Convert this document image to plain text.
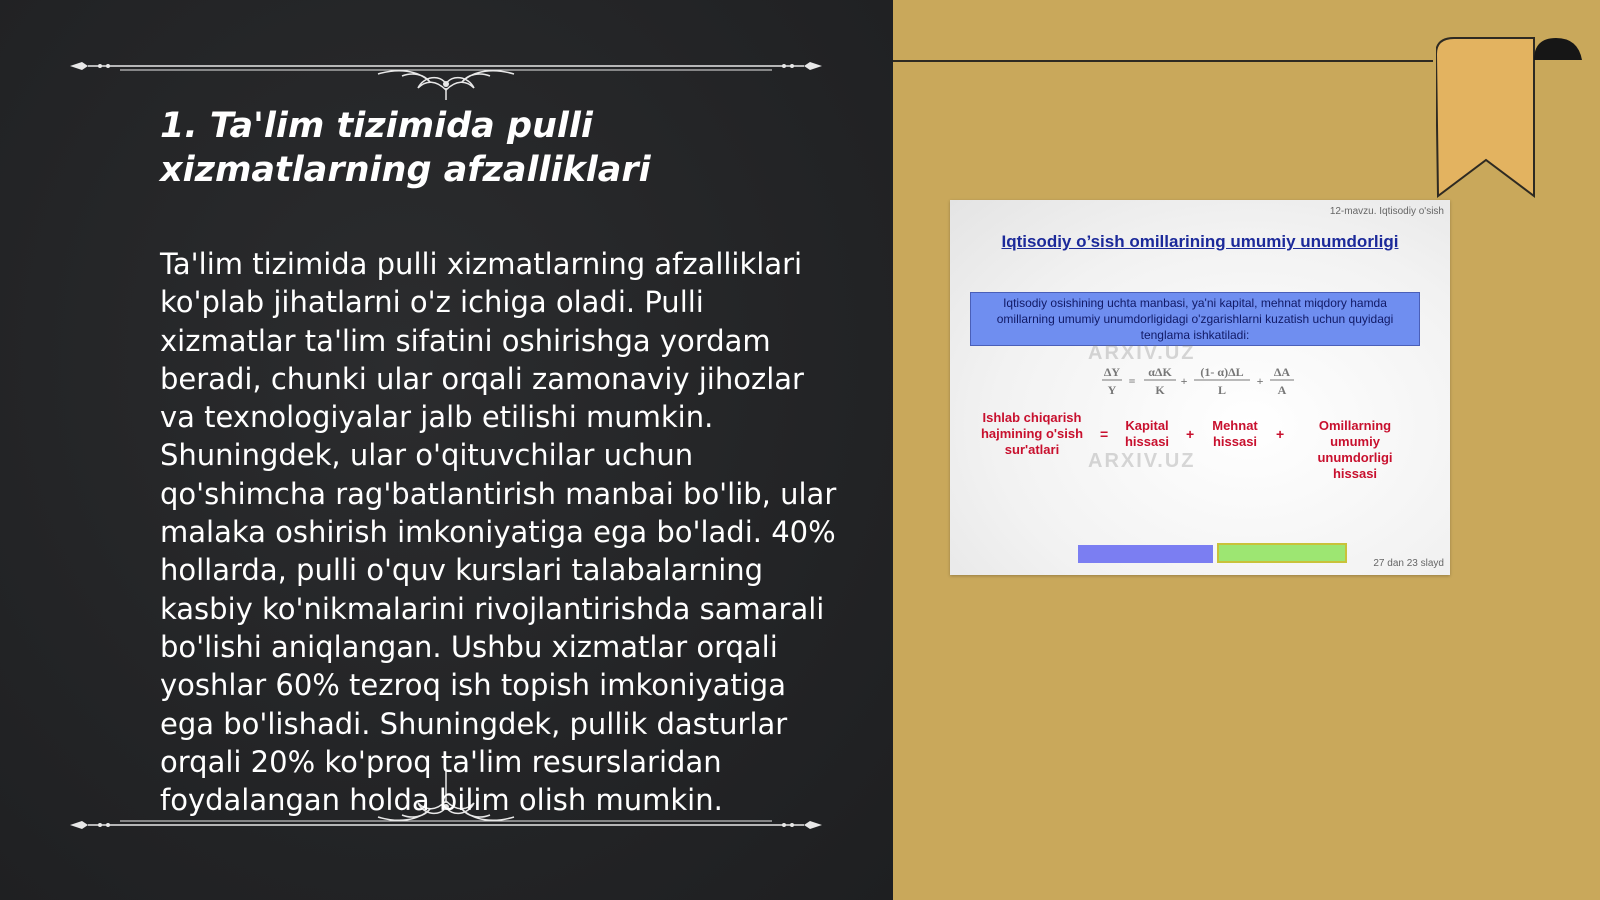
1. Ta'lim tizimida pulli xizmatlarning afzalliklari

Ta'lim tizimida pulli xizmatlarning afzalliklari ko'plab jihatlarni o'z ichiga oladi. Pulli xizmatlar ta'lim sifatini oshirishga yordam beradi, chunki ular orqali zamonaviy jihozlar va texnologiyalar jalb etilishi mumkin. Shuningdek, ular o'qituvchilar uchun qo'shimcha rag'batlantirish manbai bo'lib, ular malaka oshirish imkoniyatiga ega bo'ladi. 40% hollarda, pulli o'quv kurslari talabalarning kasbiy ko'nikmalarini rivojlantirishda samarali bo'lishi aniqlangan. Ushbu xizmatlar orqali yoshlar 60% tezroq ish topish imkoniyatiga ega bo'lishadi. Shuningdek, pullik dasturlar orqali 20% ko'proq ta'lim resurslaridan foydalangan holda bilim olish mumkin.

12-mavzu. Iqtisodiy o'sish
Iqtisodiy o’sish omillarining umumiy unumdorligi
Iqtisodiy osishining uchta manbasi, ya'ni kapital, mehnat miqdory hamda omillarning umumiy unumdorligidagi o'zgarishlarni kuzatish uchun quyidagi tenglama ishkatiladi:
ARXIV.UZ
ARXIV.UZ
ΔY
Y
=
αΔK
K
+
(1- α)ΔL
L
+
ΔA
A
Ishlab chiqarish hajmining o'sish sur'atlari
=
Kapital hissasi	+
Mehnat hissasi	+
Omillarning umumiy unumdorligi hissasi
27 dan 23 slayd
